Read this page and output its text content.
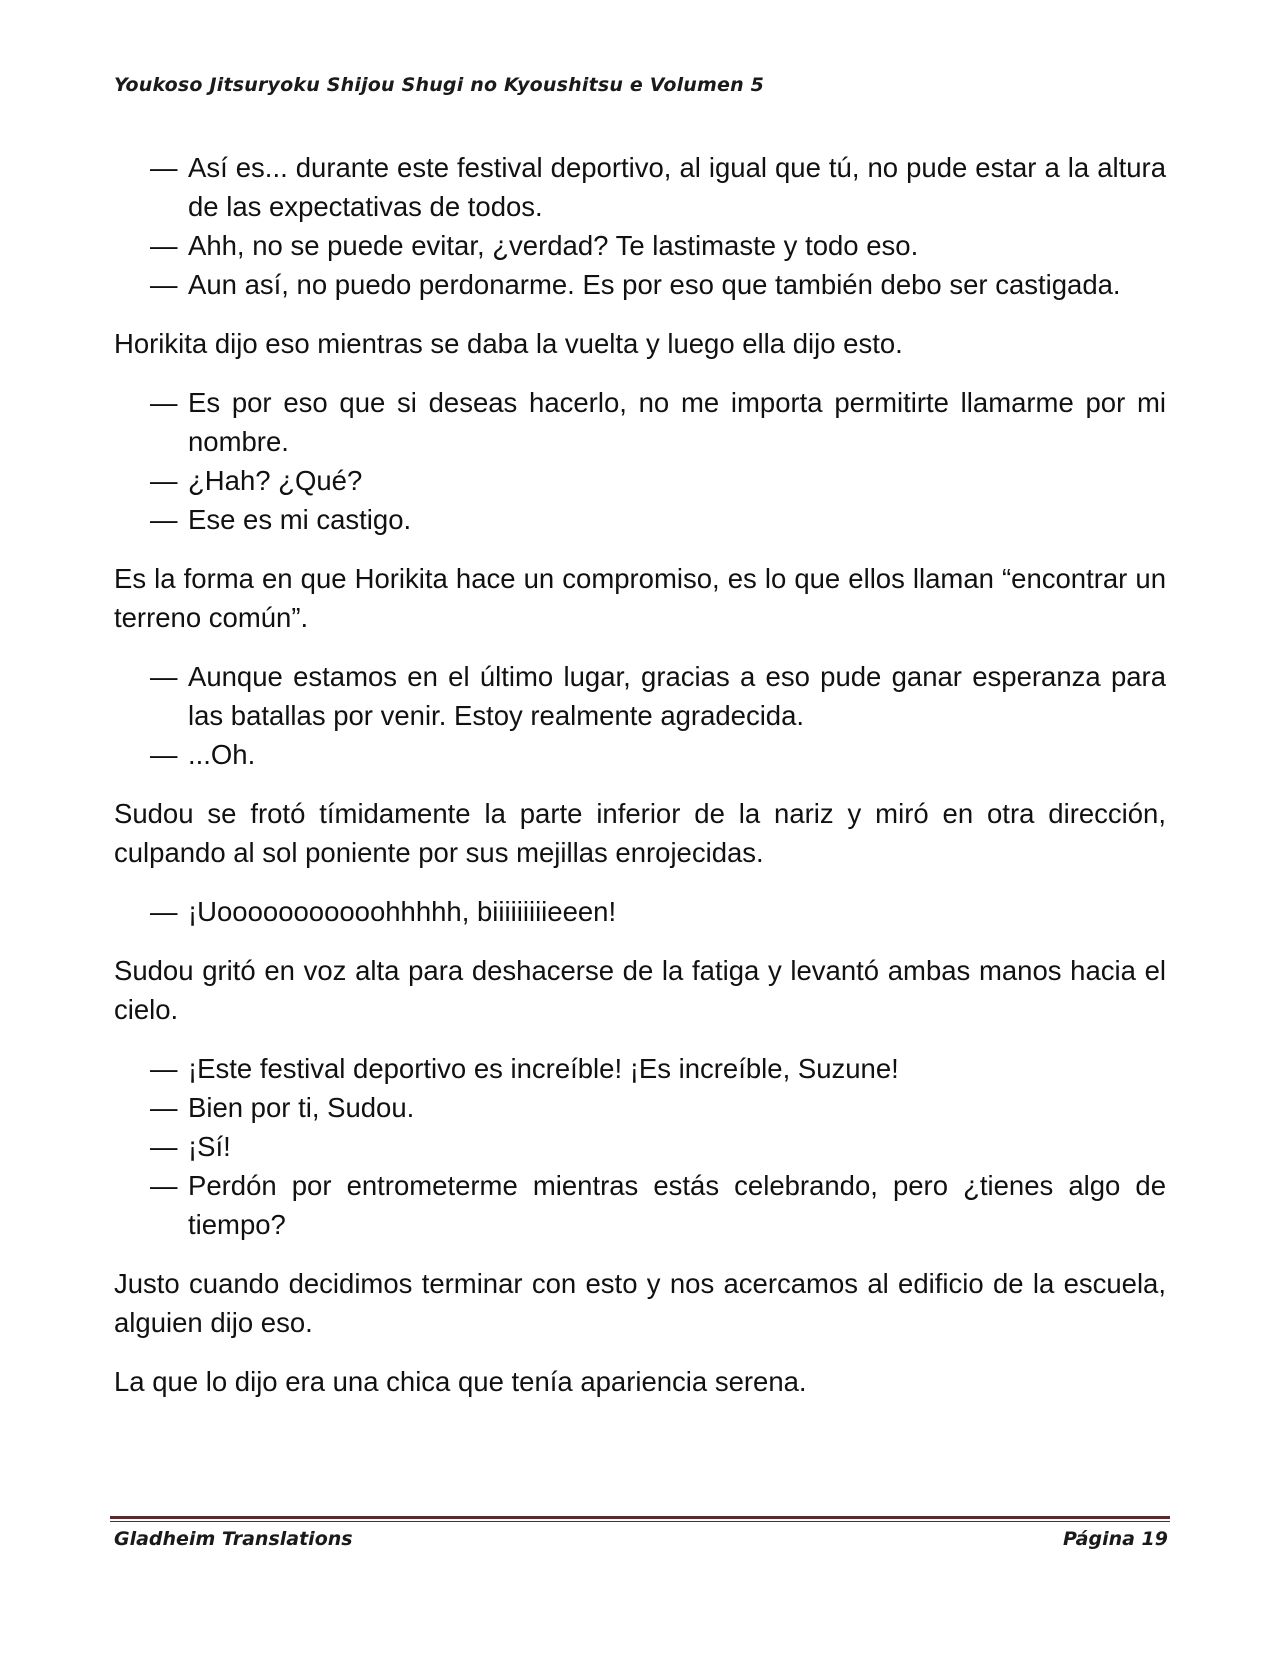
Youkoso Jitsuryoku Shijou Shugi no Kyoushitsu e Volumen 5
— Así es... durante este festival deportivo, al igual que tú, no pude estar a la altura de las expectativas de todos.
— Ahh, no se puede evitar, ¿verdad? Te lastimaste y todo eso.
— Aun así, no puedo perdonarme. Es por eso que también debo ser castigada.
Horikita dijo eso mientras se daba la vuelta y luego ella dijo esto.
— Es por eso que si deseas hacerlo, no me importa permitirte llamarme por mi nombre.
— ¿Hah? ¿Qué?
— Ese es mi castigo.
Es la forma en que Horikita hace un compromiso, es lo que ellos llaman “encontrar un terreno común”.
— Aunque estamos en el último lugar, gracias a eso pude ganar esperanza para las batallas por venir. Estoy realmente agradecida.
— ...Oh.
Sudou se frotó tímidamente la parte inferior de la nariz y miró en otra dirección, culpando al sol poniente por sus mejillas enrojecidas.
— ¡Uooooooooooohhhhh, biiiiiiiiieeen!
Sudou gritó en voz alta para deshacerse de la fatiga y levantó ambas manos hacia el cielo.
— ¡Este festival deportivo es increíble! ¡Es increíble, Suzune!
— Bien por ti, Sudou.
— ¡Sí!
— Perdón por entrometerme mientras estás celebrando, pero ¿tienes algo de tiempo?
Justo cuando decidimos terminar con esto y nos acercamos al edificio de la escuela, alguien dijo eso.
La que lo dijo era una chica que tenía apariencia serena.
Gladheim Translations	Página 19
